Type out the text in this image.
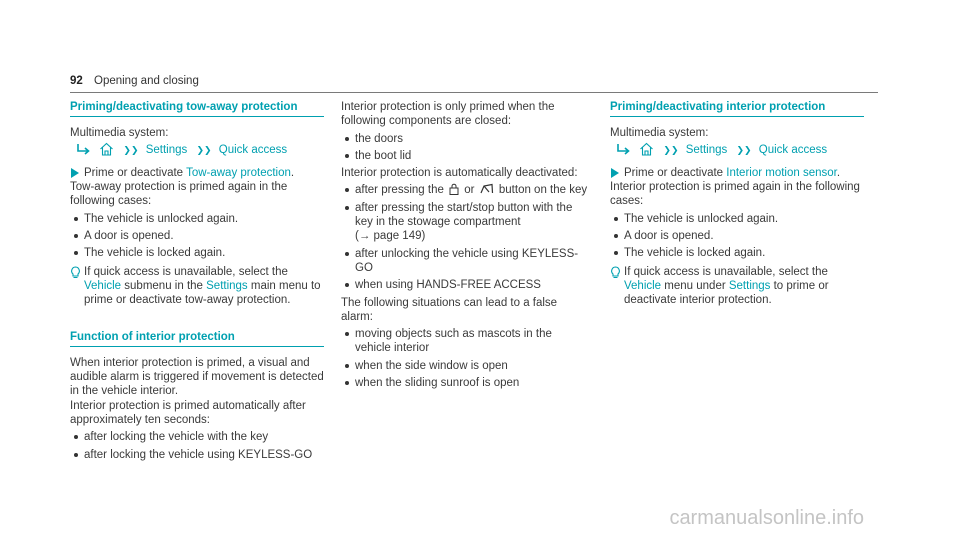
92 Opening and closing
Priming/deactivating tow-away protection

Multimedia system:

❯❯ Settings ❯❯ Quick access
Prime or deactivate Tow-away protection.

Tow-away protection is primed again in the following cases:

The vehicle is unlocked again.
A door is opened.
The vehicle is locked again.
If quick access is unavailable, select the Vehicle submenu in the Settings main menu to prime or deactivate tow-away protection.
Function of interior protection

When interior protection is primed, a visual and audible alarm is triggered if movement is detected in the vehicle interior.

Interior protection is primed automatically after approximately ten seconds:

after locking the vehicle with the key
after locking the vehicle using KEYLESS-GO

Interior protection is only primed when the following components are closed:

the doors
the boot lid

Interior protection is automatically deactivated:

after pressing the  or  button on the key
after pressing the start/stop button with the key in the stowage compartment
(→ page 149)
after unlocking the vehicle using KEYLESS-GO
when using HANDS-FREE ACCESS

The following situations can lead to a false alarm:

moving objects such as mascots in the vehicle interior
when the side window is open
when the sliding sunroof is open
Priming/deactivating interior protection

Multimedia system:

❯❯ Settings ❯❯ Quick access
Prime or deactivate Interior motion sensor.

Interior protection is primed again in the following cases:

The vehicle is unlocked again.
A door is opened.
The vehicle is locked again.
If quick access is unavailable, select the Vehicle menu under Settings to prime or deactivate interior protection.
carmanualsonline.info
